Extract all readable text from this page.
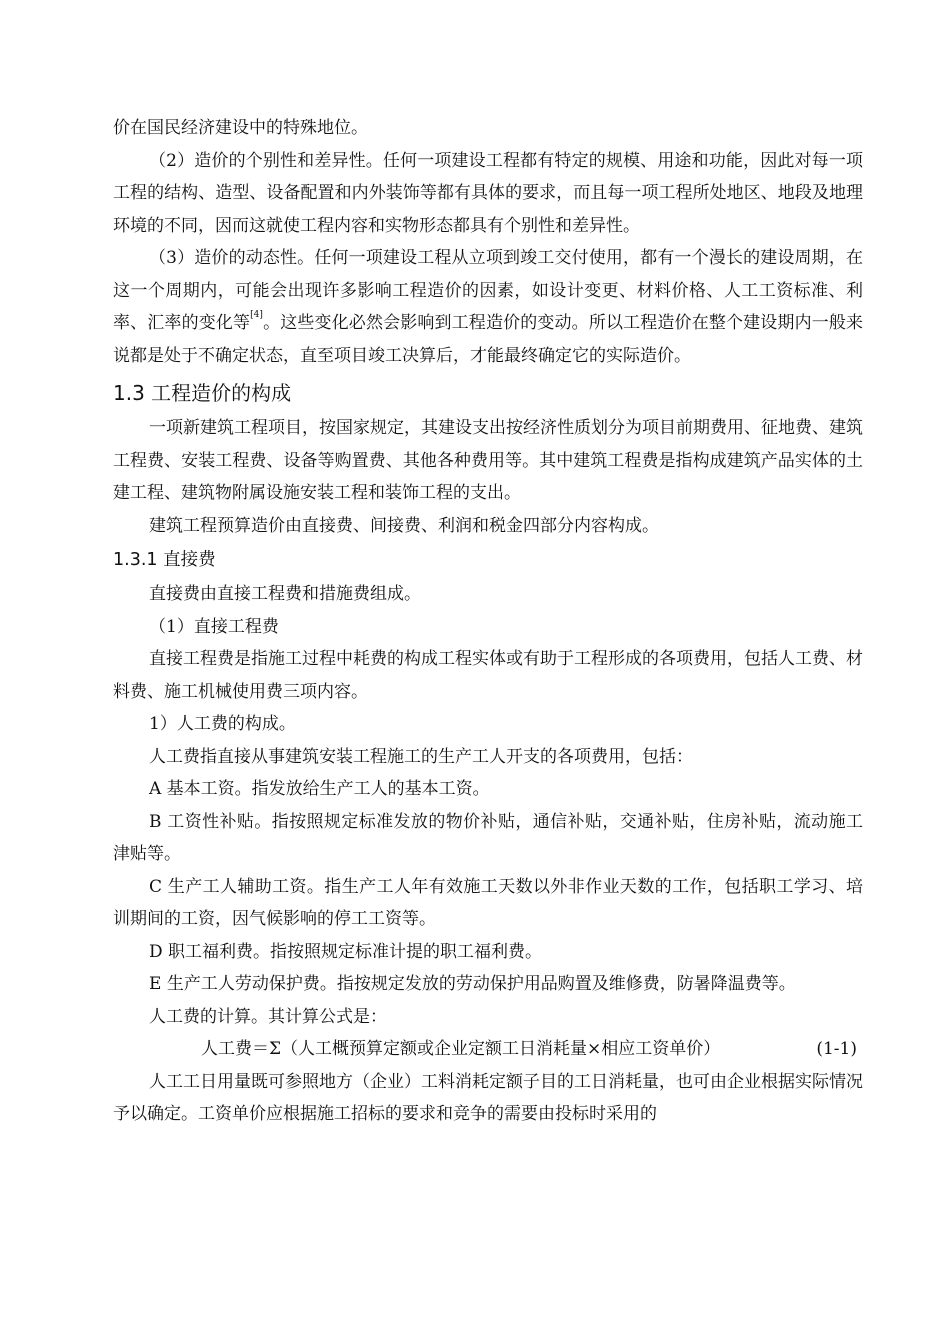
价在国民经济建设中的特殊地位。

（2）造价的个别性和差异性。任何一项建设工程都有特定的规模、用途和功能，因此对每一项工程的结构、造型、设备配置和内外装饰等都有具体的要求，而且每一项工程所处地区、地段及地理环境的不同，因而这就使工程内容和实物形态都具有个别性和差异性。

（3）造价的动态性。任何一项建设工程从立项到竣工交付使用，都有一个漫长的建设周期，在这一个周期内，可能会出现许多影响工程造价的因素，如设计变更、材料价格、人工工资标准、利率、汇率的变化等[4]。这些变化必然会影响到工程造价的变动。所以工程造价在整个建设期内一般来说都是处于不确定状态，直至项目竣工决算后，才能最终确定它的实际造价。

1.3 工程造价的构成

一项新建筑工程项目，按国家规定，其建设支出按经济性质划分为项目前期费用、征地费、建筑工程费、安装工程费、设备等购置费、其他各种费用等。其中建筑工程费是指构成建筑产品实体的土建工程、建筑物附属设施安装工程和装饰工程的支出。

建筑工程预算造价由直接费、间接费、利润和税金四部分内容构成。

1.3.1 直接费

直接费由直接工程费和措施费组成。

（1）直接工程费

直接工程费是指施工过程中耗费的构成工程实体或有助于工程形成的各项费用，包括人工费、材料费、施工机械使用费三项内容。

1）人工费的构成。

人工费指直接从事建筑安装工程施工的生产工人开支的各项费用，包括：

A 基本工资。指发放给生产工人的基本工资。

B 工资性补贴。指按照规定标准发放的物价补贴，通信补贴，交通补贴，住房补贴，流动施工津贴等。

C 生产工人辅助工资。指生产工人年有效施工天数以外非作业天数的工作，包括职工学习、培训期间的工资，因气候影响的停工工资等。

D 职工福利费。指按照规定标准计提的职工福利费。

E 生产工人劳动保护费。指按规定发放的劳动保护用品购置及维修费，防暑降温费等。

人工费的计算。其计算公式是：

人工费＝Σ（人工概预算定额或企业定额工日消耗量×相应工资单价）	(1-1)

人工工日用量既可参照地方（企业）工料消耗定额子目的工日消耗量，也可由企业根据实际情况予以确定。工资单价应根据施工招标的要求和竞争的需要由投标时采用的
